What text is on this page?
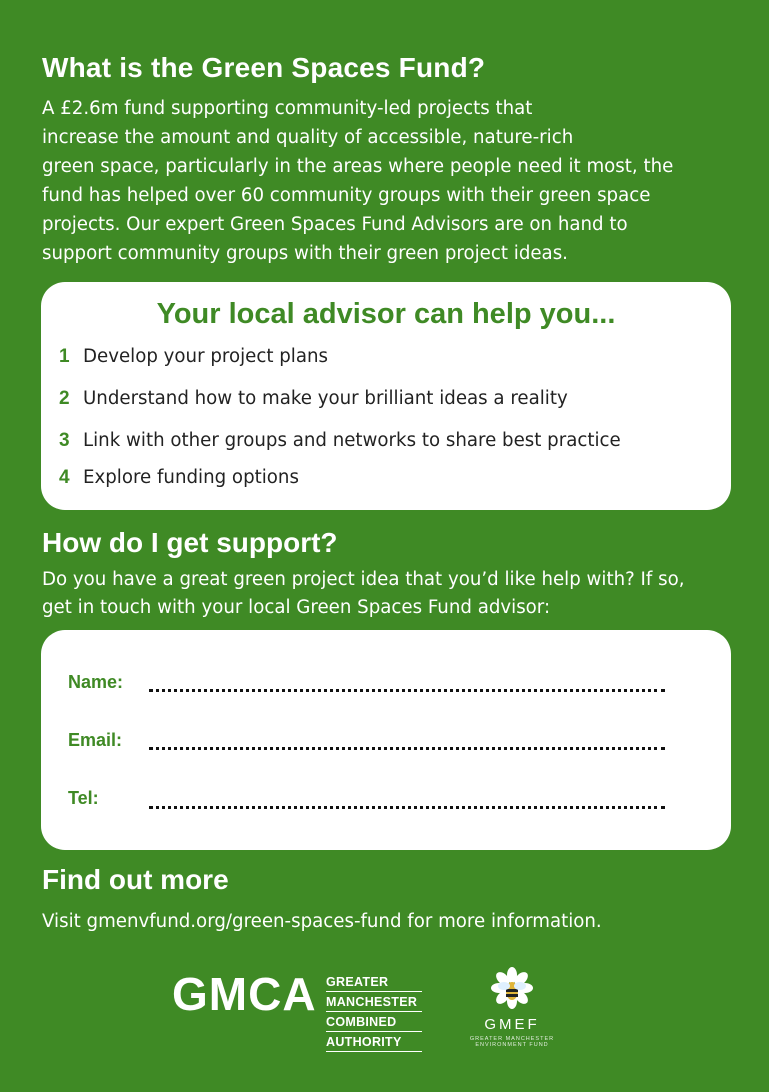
What is the Green Spaces Fund?
A £2.6m fund supporting community-led projects that
increase the amount and quality of accessible, nature-rich
green space, particularly in the areas where people need it most, the
fund has helped over 60 community groups with their green space
projects. Our expert Green Spaces Fund Advisors are on hand to
support community groups with their green project ideas.
Your local advisor can help you...
1 Develop your project plans
2 Understand how to make your brilliant ideas a reality
3 Link with other groups and networks to share best practice
4 Explore funding options
How do I get support?
Do you have a great green project idea that you’d like help with? If so,
get in touch with your local Green Spaces Fund advisor:
Name:
Email:
Tel:
Find out more
Visit gmenvfund.org/green-spaces-fund for more information.
GMCA GREATER
MANCHESTER
COMBINED
AUTHORITY
GMEF
GREATER MANCHESTER ENVIRONMENT FUND
